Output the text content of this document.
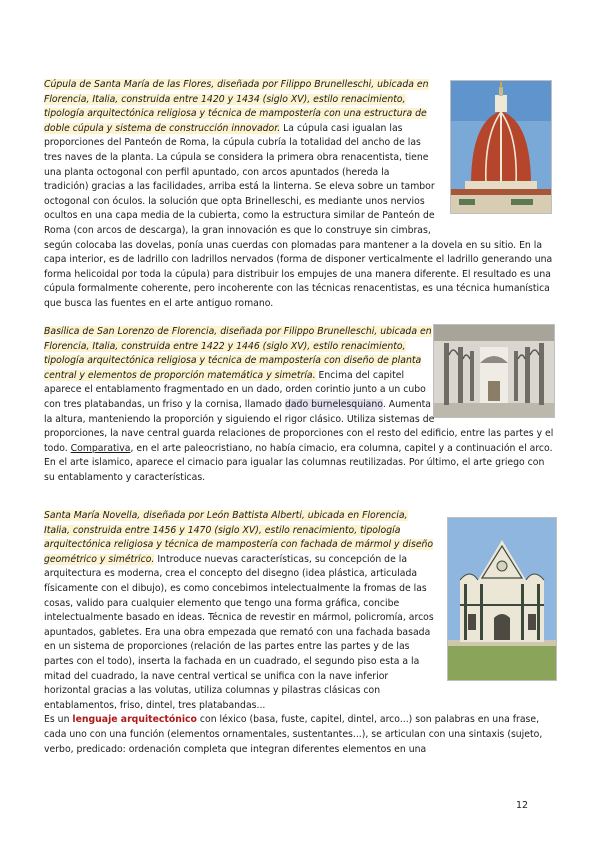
Cúpula de Santa María de las Flores, diseñada por Filippo Brunelleschi, ubicada en Florencia, Italia, construida entre 1420 y 1434 (siglo XV), estilo renacimiento, tipología arquitectónica religiosa y técnica de mampostería con una estructura de doble cúpula y sistema de construcción innovador. La cúpula casi igualan las proporciones del Panteón de Roma, la cúpula cubría la totalidad del ancho de las tres naves de la planta. La cúpula se considera la primera obra renacentista, tiene una planta octogonal con perfil apuntado, con arcos apuntados (hereda la tradición) gracias a las facilidades, arriba está la linterna. Se eleva sobre un tambor octogonal con óculos. la solución que opta Brinelleschi, es mediante unos nervios ocultos en una capa media de la cubierta, como la estructura similar de Panteón de Roma (con arcos de descarga), la gran innovación es que lo construye sin cimbras, según colocaba las dovelas, ponía unas cuerdas con plomadas para mantener a la dovela en su sitio. En la capa interior, es de ladrillo con ladrillos nervados (forma de disponer verticalmente el ladrillo generando una forma helicoidal por toda la cúpula) para distribuir los empujes de una manera diferente. El resultado es una cúpula formalmente coherente, pero incoherente con las técnicas renacentistas, es una técnica humanística que busca las fuentes en el arte antiguo romano.

Basílica de San Lorenzo de Florencia, diseñada por Filippo Brunelleschi, ubicada en Florencia, Italia, construida entre 1422 y 1446 (siglo XV), estilo renacimiento, tipología arquitectónica religiosa y técnica de mampostería con diseño de planta central y elementos de proporción matemática y simetría. Encima del capitel aparece el entablamento fragmentado en un dado, orden corintio junto a un cubo con tres platabandas, un friso y la cornisa, llamado dado burnelesquiano. Aumenta la altura, manteniendo la proporción y siguiendo el rigor clásico. Utiliza sistemas de proporciones, la nave central guarda relaciones de proporciones con el resto del edificio, entre las partes y el todo. Comparativa, en el arte paleocristiano, no había cimacio, era columna, capitel y a continuación el arco. En el arte islamico, aparece el cimacio para igualar las columnas reutilizadas. Por último, el arte griego con su entablamento y características.

Santa María Novella, diseñada por León Battista Alberti, ubicada en Florencia, Italia, construida entre 1456 y 1470 (siglo XV), estilo renacimiento, tipología arquitectónica religiosa y técnica de mampostería con fachada de mármol y diseño geométrico y simétrico. Introduce nuevas características, su concepción de la arquitectura es moderna, crea el concepto del disegno (idea plástica, articulada físicamente con el dibujo), es como concebimos intelectualmente la fromas de las cosas, valido para cualquier elemento que tengo una forma gráfica, concibe intelectualmente basado en ideas. Técnica de revestir en mármol, policromía, arcos apuntados, gabletes. Era una obra empezada que remató con una fachada basada en un sistema de proporciones (relación de las partes entre las partes y de las partes con el todo), inserta la fachada en un cuadrado, el segundo piso esta a la mitad del cuadrado, la nave central vertical se unifica con la nave inferior horizontal gracias a las volutas, utiliza columnas y pilastras clásicas con entablamentos, friso, dintel, tres platabandas...

Es un lenguaje arquitectónico con léxico (basa, fuste, capitel, dintel, arco...) son palabras en una frase, cada uno con una función (elementos ornamentales, sustentantes...), se articulan con una sintaxis (sujeto, verbo, predicado: ordenación completa que integran diferentes elementos en una

12
